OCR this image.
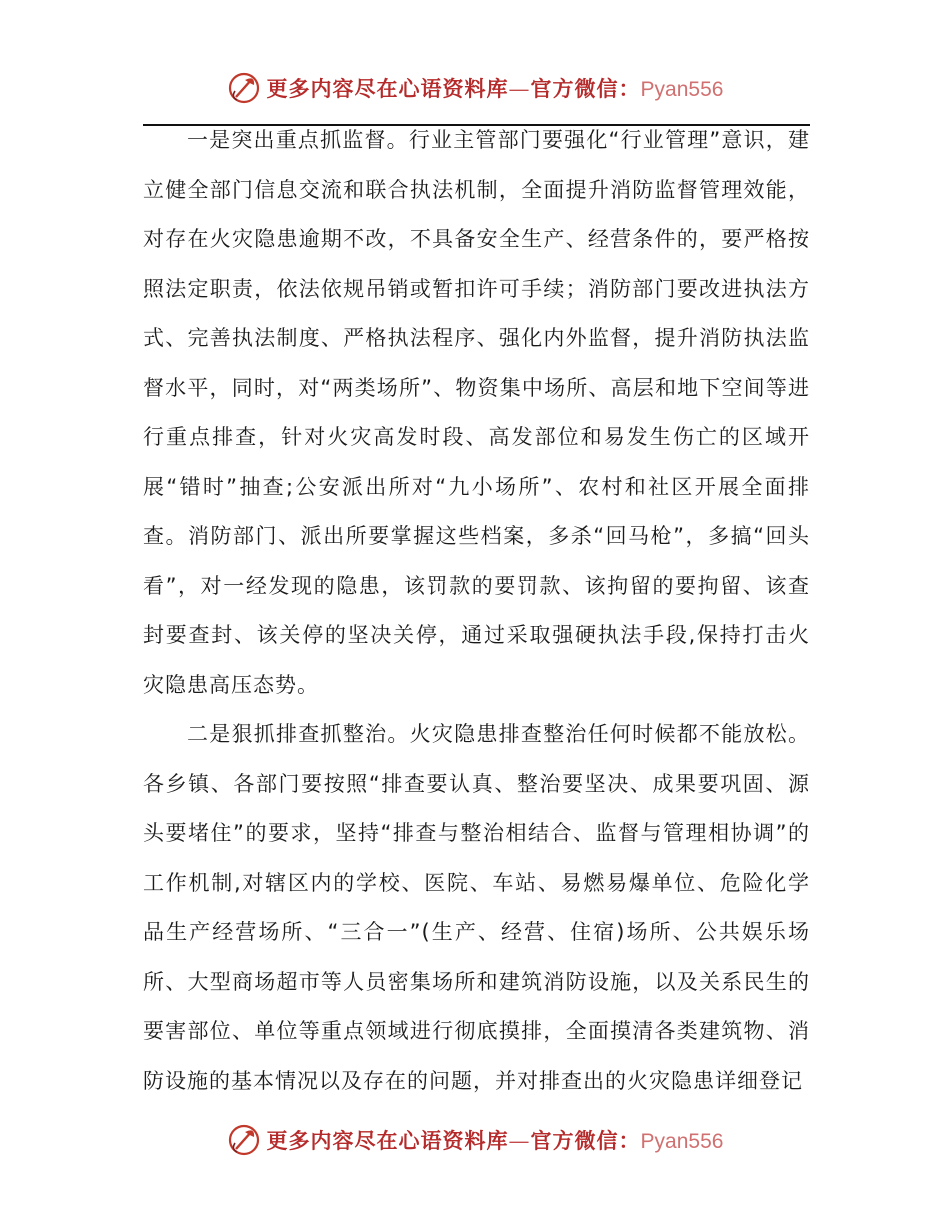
更多内容尽在心语资料库—官方微信：Pyan556

一是突出重点抓监督。行业主管部门要强化“行业管理”意识，建立健全部门信息交流和联合执法机制，全面提升消防监督管理效能，对存在火灾隐患逾期不改，不具备安全生产、经营条件的，要严格按照法定职责，依法依规吊销或暂扣许可手续；消防部门要改进执法方式、完善执法制度、严格执法程序、强化内外监督，提升消防执法监督水平，同时，对“两类场所”、物资集中场所、高层和地下空间等进行重点排查，针对火灾高发时段、高发部位和易发生伤亡的区域开展“错时”抽查;公安派出所对“九小场所”、农村和社区开展全面排查。消防部门、派出所要掌握这些档案，多杀“回马枪”，多搞“回头看”，对一经发现的隐患，该罚款的要罚款、该拘留的要拘留、该查封要查封、该关停的坚决关停，通过采取强硬执法手段,保持打击火灾隐患高压态势。

二是狠抓排查抓整治。火灾隐患排查整治任何时候都不能放松。各乡镇、各部门要按照“排查要认真、整治要坚决、成果要巩固、源头要堵住”的要求，坚持“排查与整治相结合、监督与管理相协调”的工作机制,对辖区内的学校、医院、车站、易燃易爆单位、危险化学品生产经营场所、“三合一”(生产、经营、住宿)场所、公共娱乐场所、大型商场超市等人员密集场所和建筑消防设施，以及关系民生的要害部位、单位等重点领域进行彻底摸排，全面摸清各类建筑物、消防设施的基本情况以及存在的问题，并对排查出的火灾隐患详细登记

更多内容尽在心语资料库—官方微信：Pyan556
